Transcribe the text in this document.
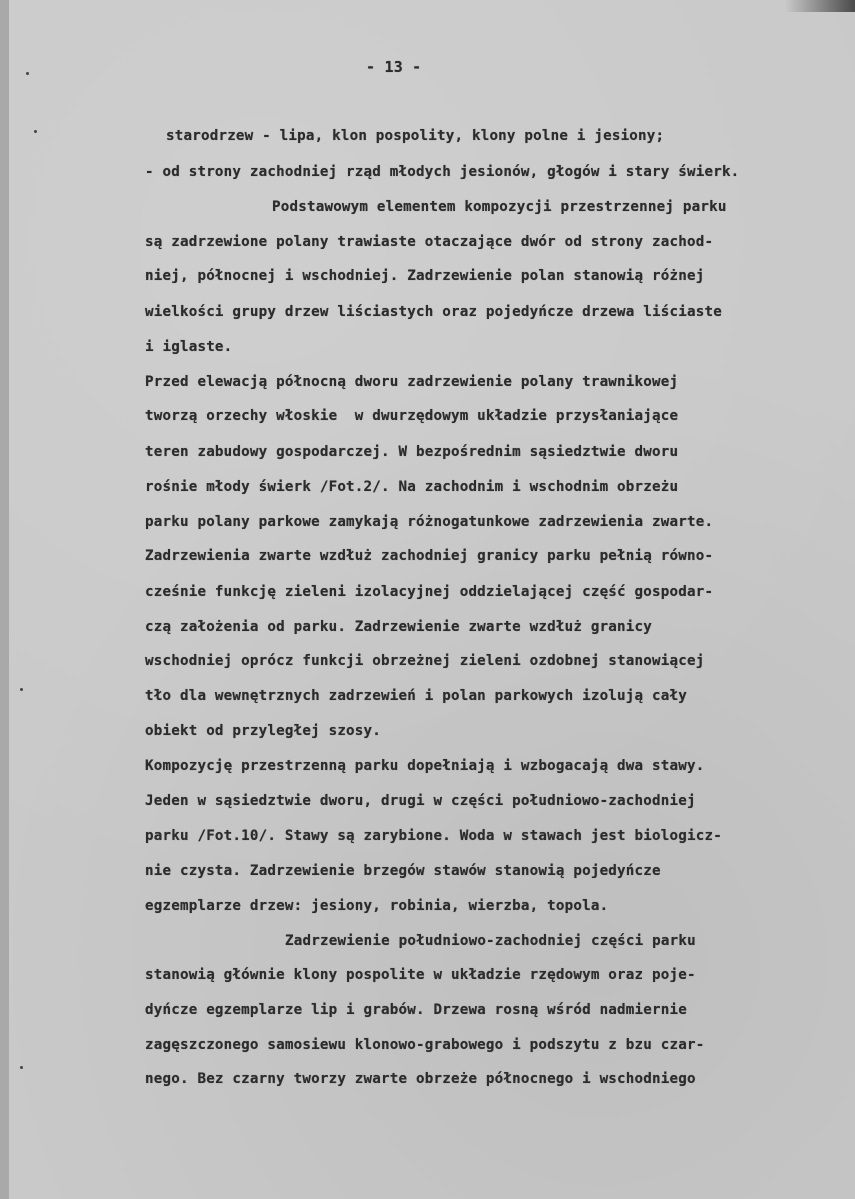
- 13 -
starodrzew - lipa, klon pospolity, klony polne i jesiony;
- od strony zachodniej rząd młodych jesionów, głogów i stary świerk.
Podstawowym elementem kompozycji przestrzennej parku
są zadrzewione polany trawiaste otaczające dwór od strony zachod-
niej, północnej i wschodniej. Zadrzewienie polan stanowią różnej
wielkości grupy drzew liściastych oraz pojedyńcze drzewa liściaste
i iglaste.
Przed elewacją północną dworu zadrzewienie polany trawnikowej
tworzą orzechy włoskie  w dwurzędowym układzie przysłaniające
teren zabudowy gospodarczej. W bezpośrednim sąsiedztwie dworu
rośnie młody świerk /Fot.2/. Na zachodnim i wschodnim obrzeżu
parku polany parkowe zamykają różnogatunkowe zadrzewienia zwarte.
Zadrzewienia zwarte wzdłuż zachodniej granicy parku pełnią równo-
cześnie funkcję zieleni izolacyjnej oddzielającej część gospodar-
czą założenia od parku. Zadrzewienie zwarte wzdłuż granicy
wschodniej oprócz funkcji obrzeżnej zieleni ozdobnej stanowiącej
tło dla wewnętrznych zadrzewień i polan parkowych izolują cały
obiekt od przyległej szosy.
Kompozycję przestrzenną parku dopełniają i wzbogacają dwa stawy.
Jeden w sąsiedztwie dworu, drugi w części południowo-zachodniej
parku /Fot.10/. Stawy są zarybione. Woda w stawach jest biologicz-
nie czysta. Zadrzewienie brzegów stawów stanowią pojedyńcze
egzemplarze drzew: jesiony, robinia, wierzba, topola.
Zadrzewienie południowo-zachodniej części parku
stanowią głównie klony pospolite w układzie rzędowym oraz poje-
dyńcze egzemplarze lip i grabów. Drzewa rosną wśród nadmiernie
zagęszczonego samosiewu klonowo-grabowego i podszytu z bzu czar-
nego. Bez czarny tworzy zwarte obrzeże północnego i wschodniego
